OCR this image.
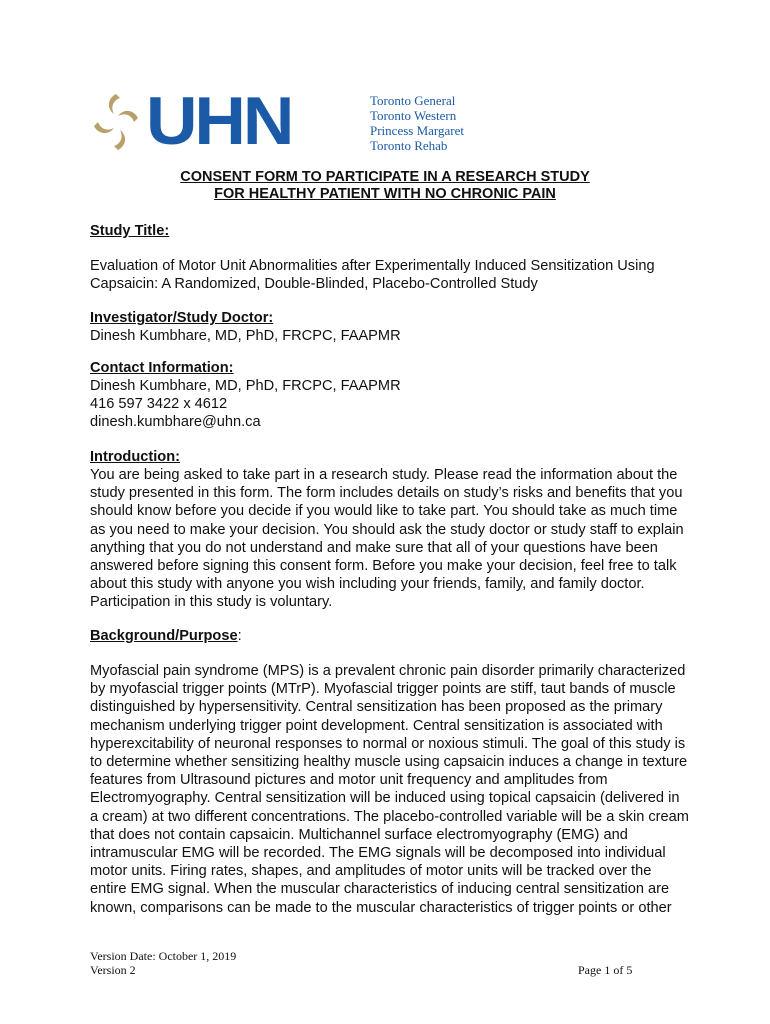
UHN	Toronto General
Toronto Western
Princess Margaret
Toronto Rehab
CONSENT FORM TO PARTICIPATE IN A RESEARCH STUDY
FOR HEALTHY PATIENT WITH NO CHRONIC PAIN
Study Title:
Evaluation of Motor Unit Abnormalities after Experimentally Induced Sensitization Using Capsaicin: A Randomized, Double-Blinded, Placebo-Controlled Study
Investigator/Study Doctor:
Dinesh Kumbhare, MD, PhD, FRCPC, FAAPMR
Contact Information:
Dinesh Kumbhare, MD, PhD, FRCPC, FAAPMR
416 597 3422 x 4612
dinesh.kumbhare@uhn.ca
Introduction:
You are being asked to take part in a research study. Please read the information about the study presented in this form. The form includes details on study’s risks and benefits that you should know before you decide if you would like to take part. You should take as much time as you need to make your decision. You should ask the study doctor or study staff to explain anything that you do not understand and make sure that all of your questions have been answered before signing this consent form. Before you make your decision, feel free to talk about this study with anyone you wish including your friends, family, and family doctor. Participation in this study is voluntary.
Background/Purpose:
Myofascial pain syndrome (MPS) is a prevalent chronic pain disorder primarily characterized by myofascial trigger points (MTrP). Myofascial trigger points are stiff, taut bands of muscle distinguished by hypersensitivity. Central sensitization has been proposed as the primary mechanism underlying trigger point development. Central sensitization is associated with hyperexcitability of neuronal responses to normal or noxious stimuli. The goal of this study is to determine whether sensitizing healthy muscle using capsaicin induces a change in texture features from Ultrasound pictures and motor unit frequency and amplitudes from Electromyography. Central sensitization will be induced using topical capsaicin (delivered in a cream) at two different concentrations. The placebo-controlled variable will be a skin cream that does not contain capsaicin. Multichannel surface electromyography (EMG) and intramuscular EMG will be recorded. The EMG signals will be decomposed into individual motor units. Firing rates, shapes, and amplitudes of motor units will be tracked over the entire EMG signal. When the muscular characteristics of inducing central sensitization are known, comparisons can be made to the muscular characteristics of trigger points or other
Version Date: October 1, 2019
Version 2	Page 1 of 5
